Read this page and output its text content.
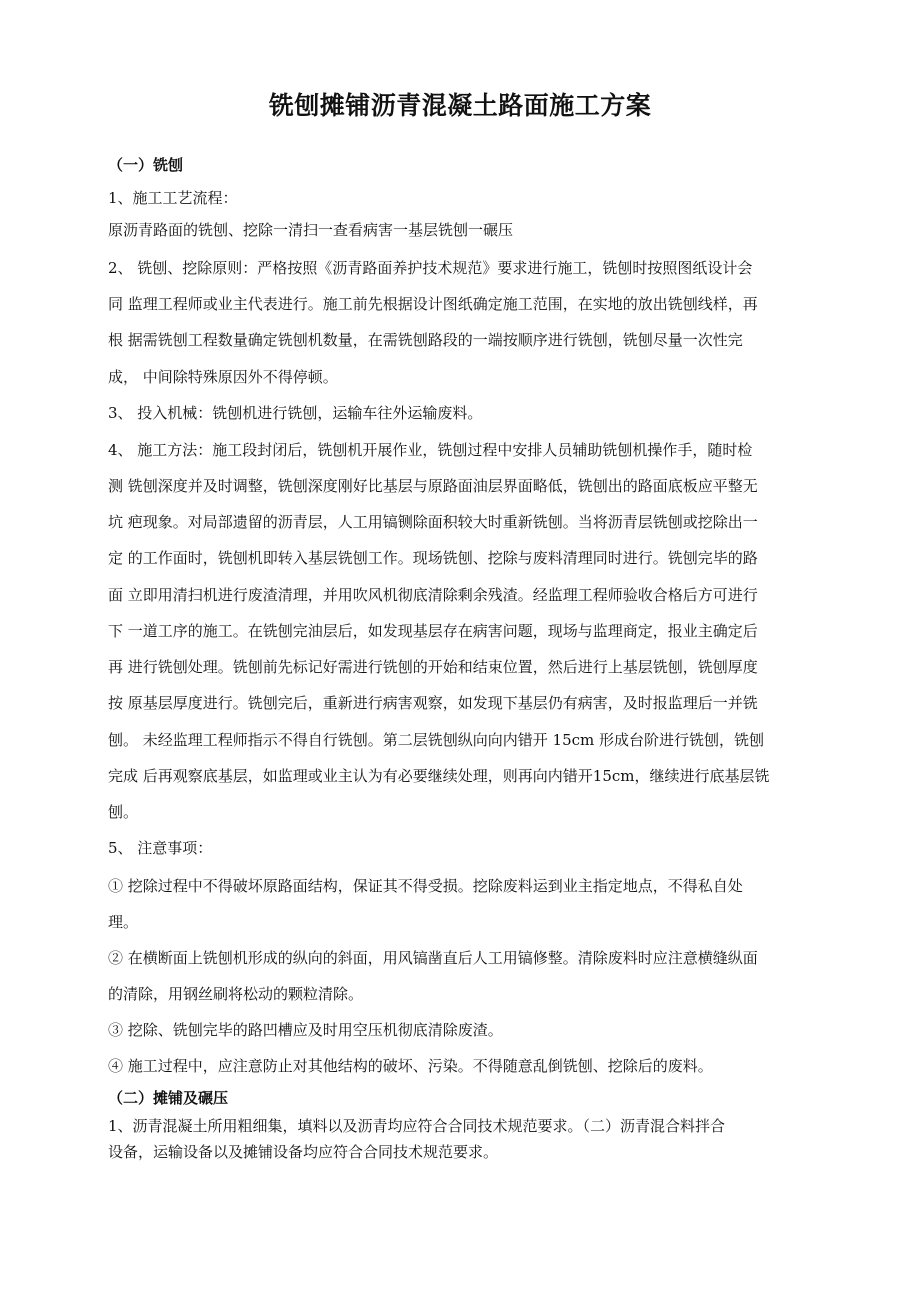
铣刨摊铺沥青混凝土路面施工方案
（一）铣刨
1、施工工艺流程：
原沥青路面的铣刨、挖除一清扫一查看病害一基层铣刨一碾压
2、 铣刨、挖除原则：严格按照《沥青路面养护技术规范》要求进行施工，铣刨时按照图纸设计会
同 监理工程师或业主代表进行。施工前先根据设计图纸确定施工范围，在实地的放出铣刨线样，再
根 据需铣刨工程数量确定铣刨机数量，在需铣刨路段的一端按顺序进行铣刨，铣刨尽量一次性完
成， 中间除特殊原因外不得停顿。
3、 投入机械：铣刨机进行铣刨，运输车往外运输废料。
4、 施工方法：施工段封闭后，铣刨机开展作业，铣刨过程中安排人员辅助铣刨机操作手，随时检
测 铣刨深度并及时调整，铣刨深度刚好比基层与原路面油层界面略低，铣刨出的路面底板应平整无
坑 疤现象。对局部遗留的沥青层，人工用镐铡除面积较大时重新铣刨。当将沥青层铣刨或挖除出一
定 的工作面时，铣刨机即转入基层铣刨工作。现场铣刨、挖除与废料清理同时进行。铣刨完毕的路
面 立即用清扫机进行废渣清理，并用吹风机彻底清除剩余残渣。经监理工程师验收合格后方可进行
下 一道工序的施工。在铣刨完油层后，如发现基层存在病害问题，现场与监理商定，报业主确定后
再 进行铣刨处理。铣刨前先标记好需进行铣刨的开始和结束位置，然后进行上基层铣刨，铣刨厚度
按 原基层厚度进行。铣刨完后，重新进行病害观察，如发现下基层仍有病害，及时报监理后一并铣
刨。 未经监理工程师指示不得自行铣刨。第二层铣刨纵向向内错开 15cm 形成台阶进行铣刨，铣刨
完成 后再观察底基层，如监理或业主认为有必要继续处理，则再向内错开15cm，继续进行底基层铣
刨。
5、 注意事项：
① 挖除过程中不得破坏原路面结构，保证其不得受损。挖除废料运到业主指定地点，不得私自处
理。
② 在横断面上铣刨机形成的纵向的斜面，用风镐凿直后人工用镐修整。清除废料时应注意横缝纵面
的清除，用钢丝刷将松动的颗粒清除。
③ 挖除、铣刨完毕的路凹槽应及时用空压机彻底清除废渣。
④ 施工过程中，应注意防止对其他结构的破坏、污染。不得随意乱倒铣刨、挖除后的废料。
（二）摊铺及碾压
1、沥青混凝土所用粗细集，填料以及沥青均应符合合同技术规范要求。（二）沥青混合料拌合
设备，运输设备以及摊铺设备均应符合合同技术规范要求。
